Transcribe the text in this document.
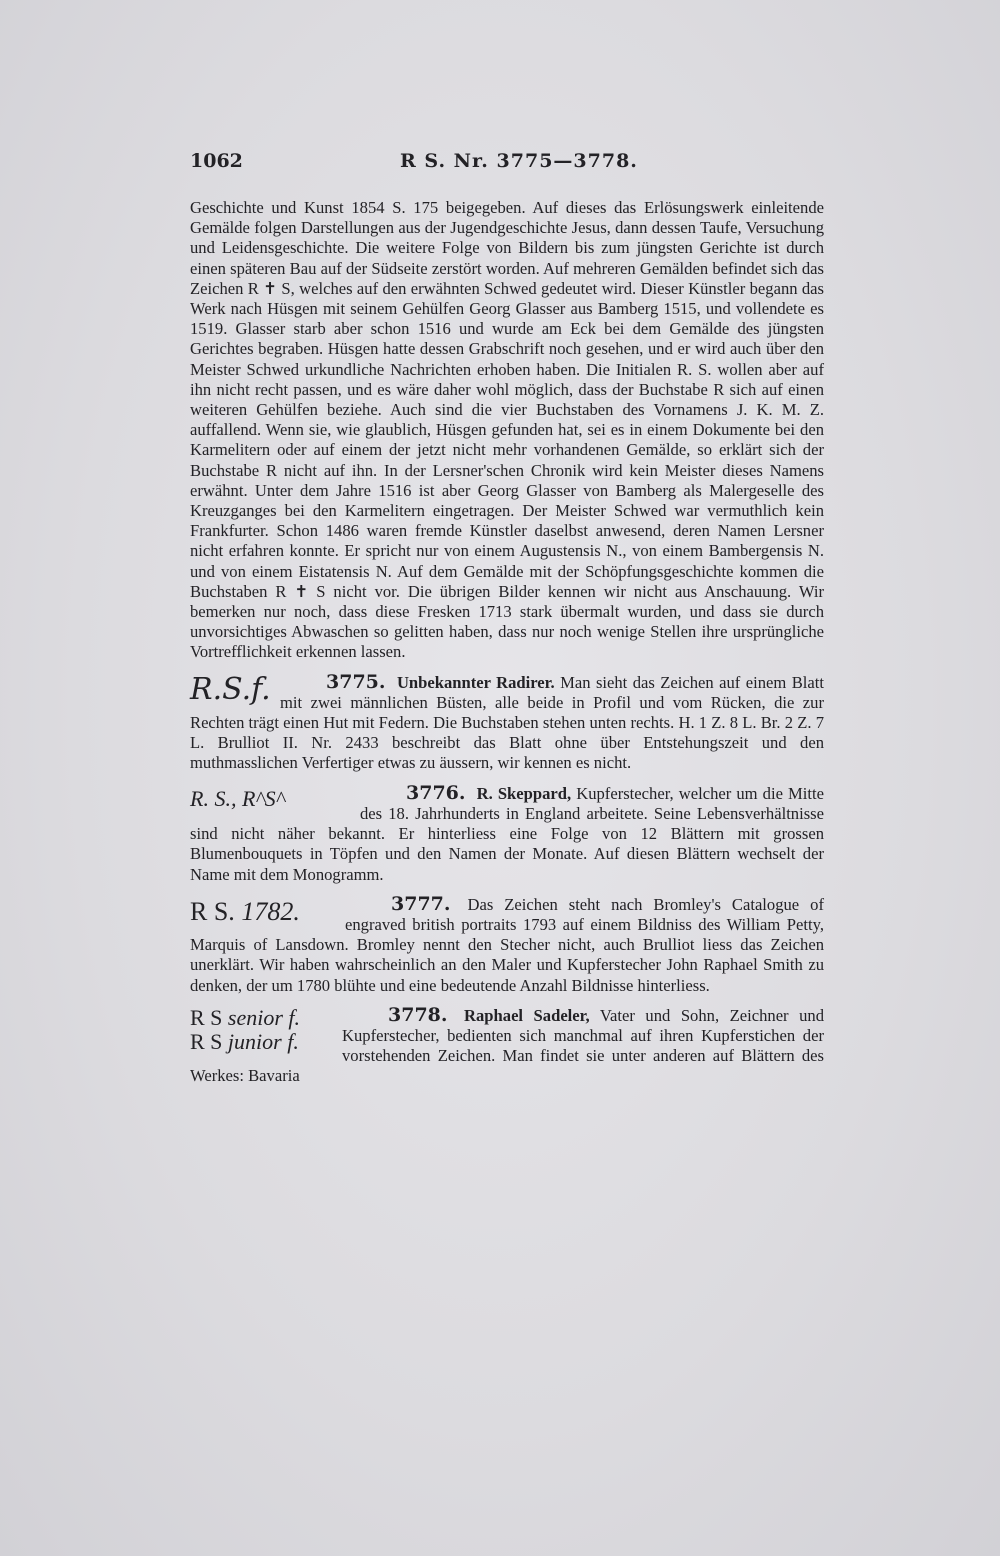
1062	R S. Nr. 3775—3778.

Geschichte und Kunst 1854 S. 175 beigegeben. Auf dieses das Erlösungswerk einleitende Gemälde folgen Darstellungen aus der Jugendgeschichte Jesus, dann dessen Taufe, Versuchung und Leidensgeschichte. Die weitere Folge von Bildern bis zum jüngsten Gerichte ist durch einen späteren Bau auf der Südseite zerstört worden. Auf mehreren Gemälden befindet sich das Zeichen R ✝ S, welches auf den erwähnten Schwed gedeutet wird. Dieser Künstler begann das Werk nach Hüsgen mit seinem Gehülfen Georg Glasser aus Bamberg 1515, und vollendete es 1519. Glasser starb aber schon 1516 und wurde am Eck bei dem Gemälde des jüngsten Gerichtes begraben. Hüsgen hatte dessen Grabschrift noch gesehen, und er wird auch über den Meister Schwed urkundliche Nachrichten erhoben haben. Die Initialen R. S. wollen aber auf ihn nicht recht passen, und es wäre daher wohl möglich, dass der Buchstabe R sich auf einen weiteren Gehülfen beziehe. Auch sind die vier Buchstaben des Vornamens J. K. M. Z. auffallend. Wenn sie, wie glaublich, Hüsgen gefunden hat, sei es in einem Dokumente bei den Karmelitern oder auf einem der jetzt nicht mehr vorhandenen Gemälde, so erklärt sich der Buchstabe R nicht auf ihn. In der Lersner'schen Chronik wird kein Meister dieses Namens erwähnt. Unter dem Jahre 1516 ist aber Georg Glasser von Bamberg als Malergeselle des Kreuzganges bei den Karmelitern eingetragen. Der Meister Schwed war vermuthlich kein Frankfurter. Schon 1486 waren fremde Künstler daselbst anwesend, deren Namen Lersner nicht erfahren konnte. Er spricht nur von einem Augustensis N., von einem Bambergensis N. und von einem Eistatensis N. Auf dem Gemälde mit der Schöpfungsgeschichte kommen die Buchstaben R ✝ S nicht vor. Die übrigen Bilder kennen wir nicht aus Anschauung. Wir bemerken nur noch, dass diese Fresken 1713 stark übermalt wurden, und dass sie durch unvorsichtiges Abwaschen so gelitten haben, dass nur noch wenige Stellen ihre ursprüngliche Vortrefflichkeit erkennen lassen.

R.S.f.	3775. Unbekannter Radirer. Man sieht das Zeichen auf einem Blatt mit zwei männlichen Büsten, alle beide in Profil und vom Rücken, die zur Rechten trägt einen Hut mit Federn. Die Buchstaben stehen unten rechts. H. 1 Z. 8 L. Br. 2 Z. 7 L. Brulliot II. Nr. 2433 beschreibt das Blatt ohne über Entstehungszeit und den muthmasslichen Verfertiger etwas zu äussern, wir kennen es nicht.
R. S., R^S^	3776. R. Skeppard, Kupferstecher, welcher um die Mitte des 18. Jahrhunderts in England arbeitete. Seine Lebensverhältnisse sind nicht näher bekannt. Er hinterliess eine Folge von 12 Blättern mit grossen Blumenbouquets in Töpfen und den Namen der Monate. Auf diesen Blättern wechselt der Name mit dem Monogramm.
R S. 1782.	3777. Das Zeichen steht nach Bromley's Catalogue of engraved british portraits 1793 auf einem Bildniss des William Petty, Marquis of Lansdown. Bromley nennt den Stecher nicht, auch Brulliot liess das Zeichen unerklärt. Wir haben wahrscheinlich an den Maler und Kupferstecher John Raphael Smith zu denken, der um 1780 blühte und eine bedeutende Anzahl Bildnisse hinterliess.
R S senior f.
R S junior f.
3778. Raphael Sadeler, Vater und Sohn, Zeichner und Kupferstecher, bedienten sich manchmal auf ihren Kupferstichen der vorstehenden Zeichen. Man findet sie unter anderen auf Blättern des Werkes: Bavaria
